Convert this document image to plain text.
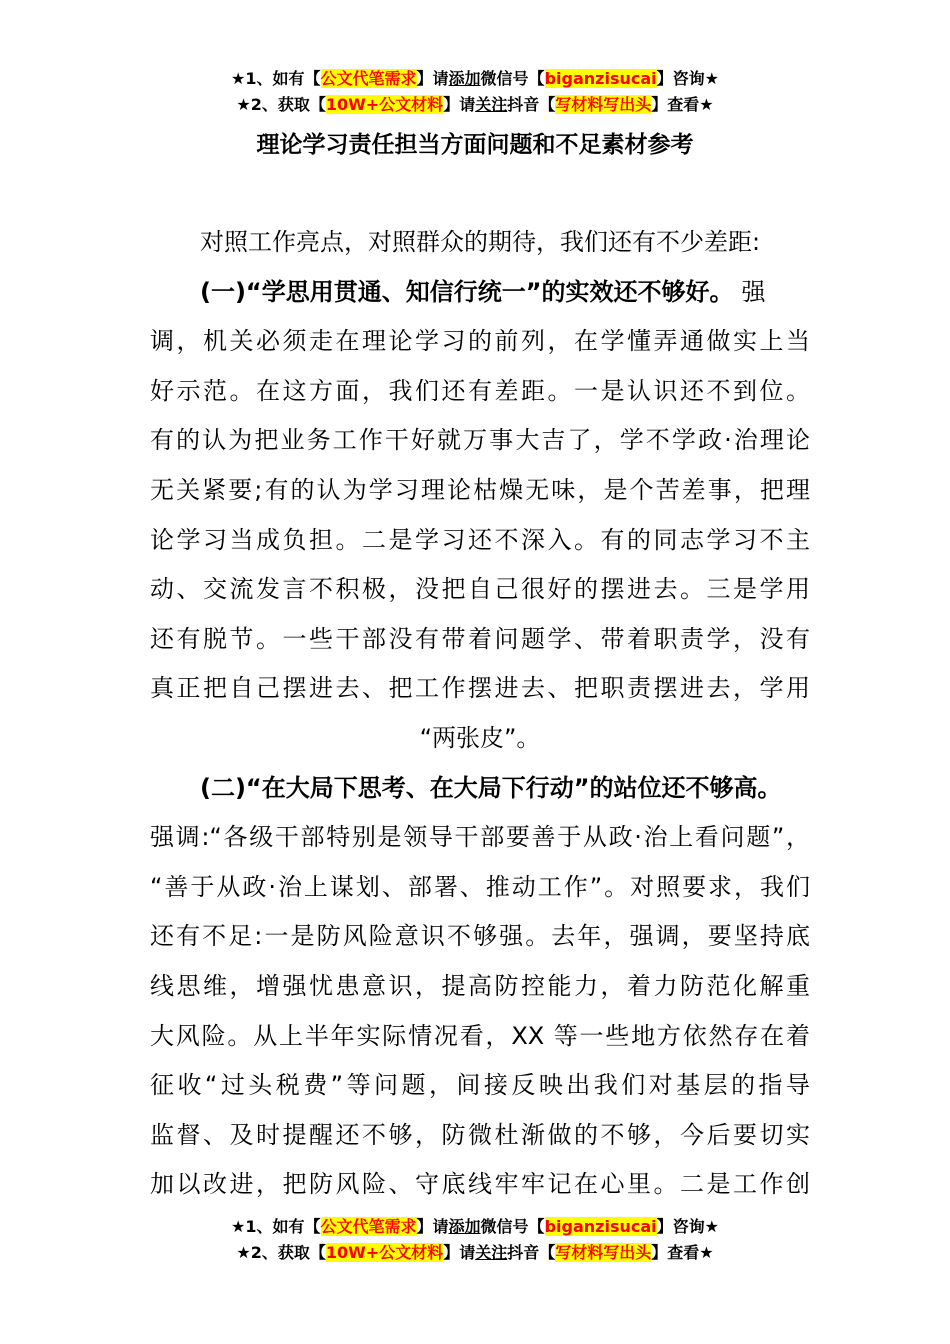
★1、如有【公文代笔需求】请添加微信号【biganzisucai】咨询★
★2、获取【10W+公文材料】请关注抖音【写材料写出头】查看★
理论学习责任担当方面问题和不足素材参考
对照工作亮点，对照群众的期待，我们还有不少差距:
(一)“学思用贯通、知信行统一”的实效还不够好。 强
调，机关必须走在理论学习的前列，在学懂弄通做实上当
好示范。在这方面，我们还有差距。一是认识还不到位。
有的认为把业务工作干好就万事大吉了，学不学政·治理论
无关紧要;有的认为学习理论枯燥无味，是个苦差事，把理
论学习当成负担。二是学习还不深入。有的同志学习不主
动、交流发言不积极，没把自己很好的摆进去。三是学用
还有脱节。一些干部没有带着问题学、带着职责学，没有
真正把自己摆进去、把工作摆进去、把职责摆进去，学用
“两张皮”。
(二)“在大局下思考、在大局下行动”的站位还不够高。
强调:“各级干部特别是领导干部要善于从政·治上看问题”，
“善于从政·治上谋划、部署、推动工作”。对照要求，我们
还有不足:一是防风险意识不够强。去年，强调，要坚持底
线思维，增强忧患意识，提高防控能力，着力防范化解重
大风险。从上半年实际情况看，XX 等一些地方依然存在着
征收“过头税费”等问题，间接反映出我们对基层的指导
监督、及时提醒还不够，防微杜渐做的不够，今后要切实
加以改进，把防风险、守底线牢牢记在心里。二是工作创
★1、如有【公文代笔需求】请添加微信号【biganzisucai】咨询★
★2、获取【10W+公文材料】请关注抖音【写材料写出头】查看★
